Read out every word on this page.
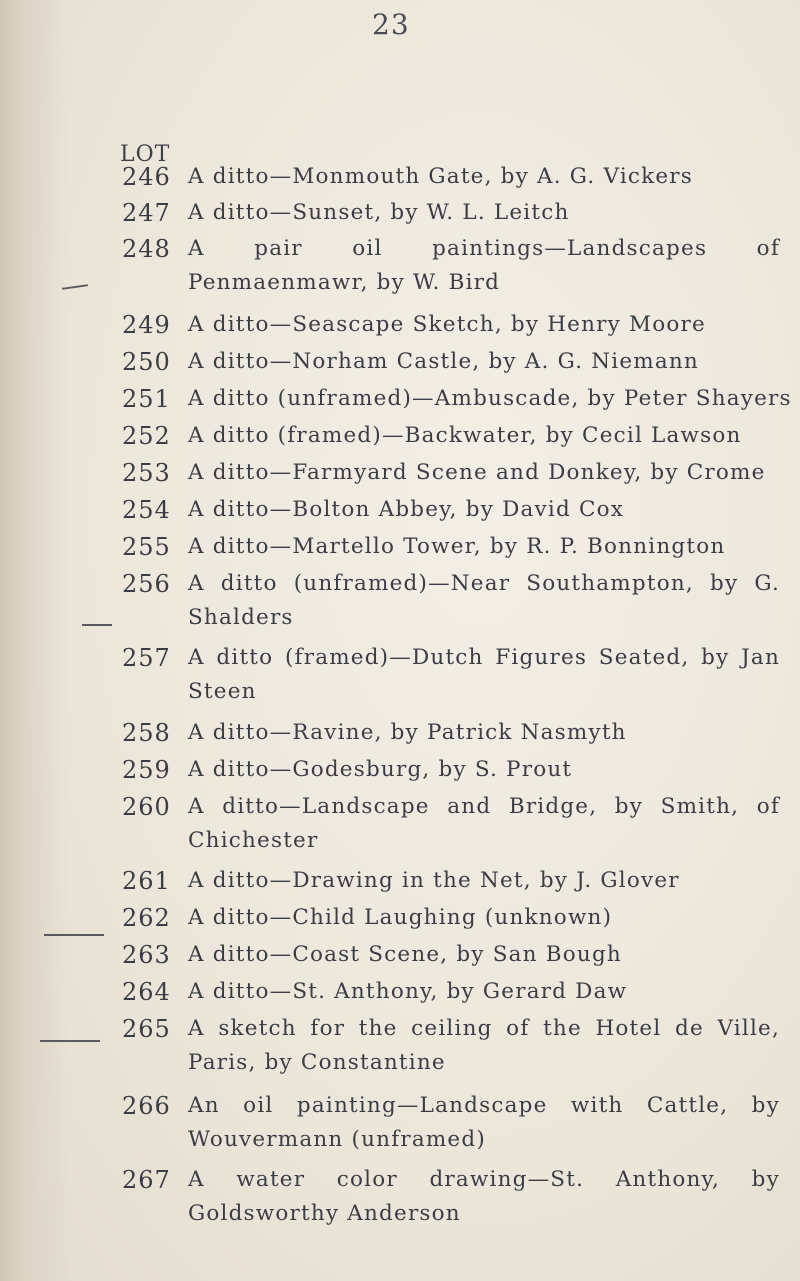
23
LOT
246 A ditto—Monmouth Gate, by A. G. Vickers
247 A ditto—Sunset, by W. L. Leitch
248 A pair oil paintings—Landscapes of Penmaenmawr, by W. Bird
249 A ditto—Seascape Sketch, by Henry Moore
250 A ditto—Norham Castle, by A. G. Niemann
251 A ditto (unframed)—Ambuscade, by Peter Shayers
252 A ditto (framed)—Backwater, by Cecil Lawson
253 A ditto—Farmyard Scene and Donkey, by Crome
254 A ditto—Bolton Abbey, by David Cox
255 A ditto—Martello Tower, by R. P. Bonnington
256 A ditto (unframed)—Near Southampton, by G. Shalders
257 A ditto (framed)—Dutch Figures Seated, by Jan Steen
258 A ditto—Ravine, by Patrick Nasmyth
259 A ditto—Godesburg, by S. Prout
260 A ditto—Landscape and Bridge, by Smith, of Chichester
261 A ditto—Drawing in the Net, by J. Glover
262 A ditto—Child Laughing (unknown)
263 A ditto—Coast Scene, by San Bough
264 A ditto—St. Anthony, by Gerard Daw
265 A sketch for the ceiling of the Hotel de Ville, Paris, by Constantine
266 An oil painting—Landscape with Cattle, by Wouvermann (unframed)
267 A water color drawing—St. Anthony, by Goldsworthy Anderson
